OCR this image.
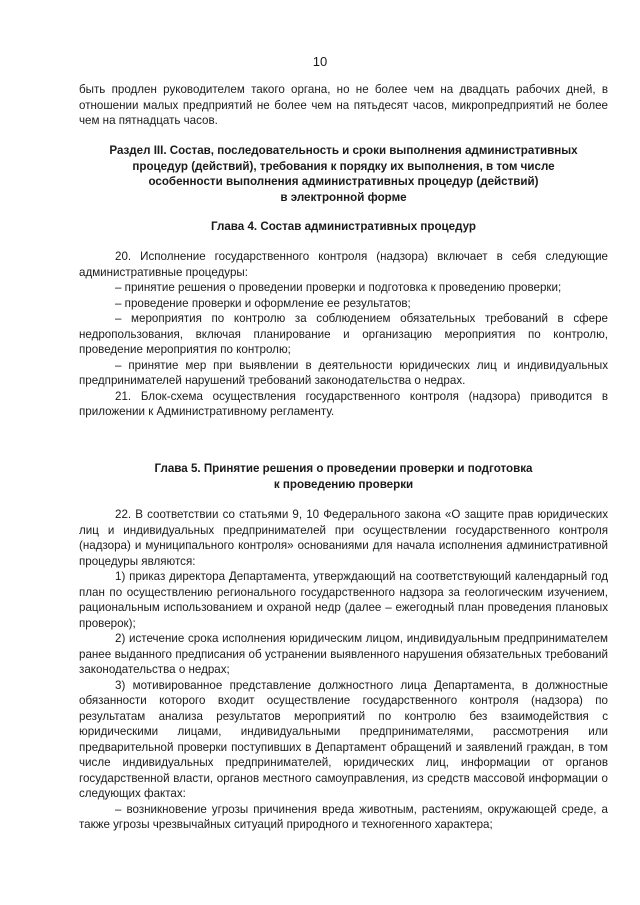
10

быть продлен руководителем такого органа, но не более чем на двадцать рабочих дней, в отношении малых предприятий не более чем на пятьдесят часов, микропредприятий не более чем на пятнадцать часов.

Раздел III. Состав, последовательность и сроки выполнения административных

процедур (действий), требования к порядку их выполнения, в том числе

особенности выполнения административных процедур (действий)

в электронной форме

Глава 4. Состав административных процедур

20. Исполнение государственного контроля (надзора) включает в себя следующие административные процедуры:

– принятие решения о проведении проверки и подготовка к проведению проверки;

– проведение проверки и оформление ее результатов;

– мероприятия по контролю за соблюдением обязательных требований в сфере недропользования, включая планирование и организацию мероприятия по контролю, проведение мероприятия по контролю;

– принятие мер при выявлении в деятельности юридических лиц и индивидуальных предпринимателей нарушений требований законодательства о недрах.

21. Блок-схема осуществления государственного контроля (надзора) приводится в приложении к Административному регламенту.

Глава 5. Принятие решения о проведении проверки и подготовка

к проведению проверки

22. В соответствии со статьями 9, 10 Федерального закона «О защите прав юридических лиц и индивидуальных предпринимателей при осуществлении государственного контроля (надзора) и муниципального контроля» основаниями для начала исполнения административной процедуры являются:

1) приказ директора Департамента, утверждающий на соответствующий календарный год план по осуществлению регионального государственного надзора за геологическим изучением, рациональным использованием и охраной недр (далее – ежегодный план проведения плановых проверок);

2) истечение срока исполнения юридическим лицом, индивидуальным предпринимателем ранее выданного предписания об устранении выявленного нарушения обязательных требований законодательства о недрах;

3) мотивированное представление должностного лица Департамента, в должностные обязанности которого входит осуществление государственного контроля (надзора) по результатам анализа результатов мероприятий по контролю без взаимодействия с юридическими лицами, индивидуальными предпринимателями, рассмотрения или предварительной проверки поступивших в Департамент обращений и заявлений граждан, в том числе индивидуальных предпринимателей, юридических лиц, информации от органов государственной власти, органов местного самоуправления, из средств массовой информации о следующих фактах:

– возникновение угрозы причинения вреда животным, растениям, окружающей среде, а также угрозы чрезвычайных ситуаций природного и техногенного характера;
